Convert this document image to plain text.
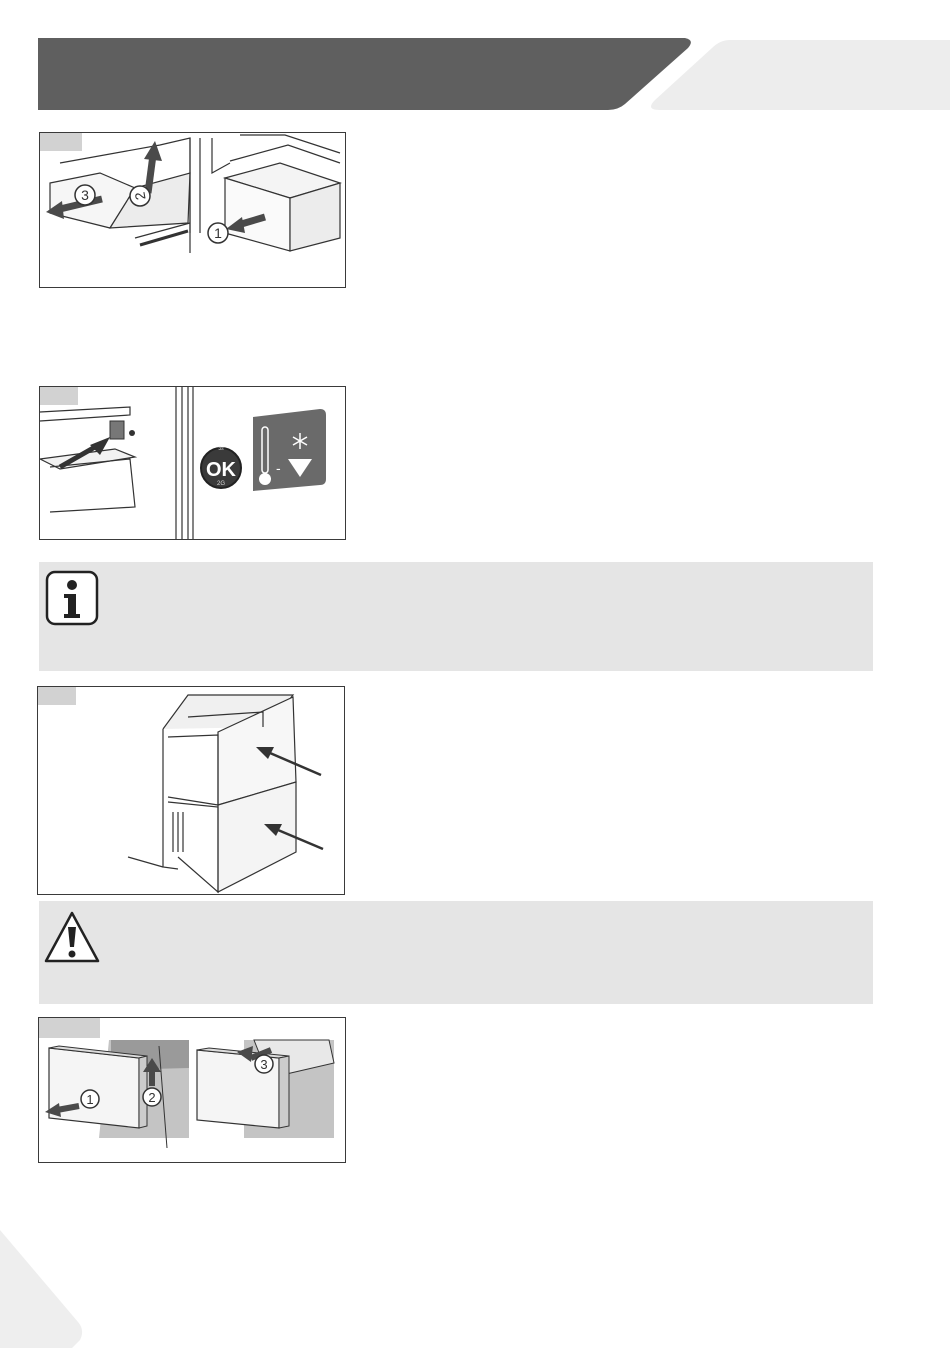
3	2
1
3s
OK
2G
-
1	2
3
